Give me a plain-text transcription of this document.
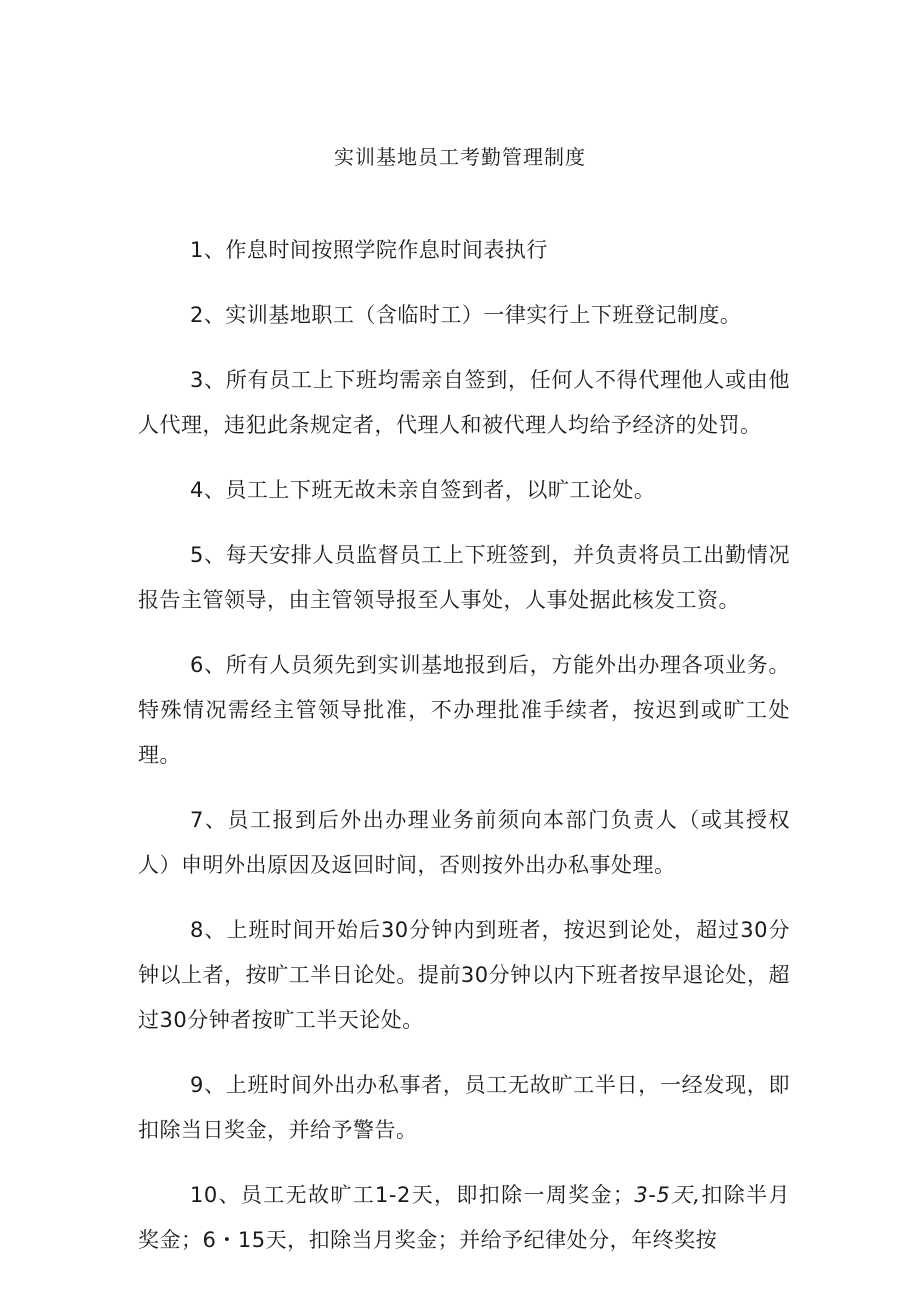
实训基地员工考勤管理制度

1、作息时间按照学院作息时间表执行

2、实训基地职工（含临时工）一律实行上下班登记制度。

3、所有员工上下班均需亲自签到，任何人不得代理他人或由他人代理，违犯此条规定者，代理人和被代理人均给予经济的处罚。

4、员工上下班无故未亲自签到者，以旷工论处。

5、每天安排人员监督员工上下班签到，并负责将员工出勤情况报告主管领导，由主管领导报至人事处，人事处据此核发工资。

6、所有人员须先到实训基地报到后，方能外出办理各项业务。特殊情况需经主管领导批准，不办理批准手续者，按迟到或旷工处理。

7、员工报到后外出办理业务前须向本部门负责人（或其授权人）申明外出原因及返回时间，否则按外出办私事处理。

8、上班时间开始后30分钟内到班者，按迟到论处，超过30分钟以上者，按旷工半日论处。提前30分钟以内下班者按早退论处，超过30分钟者按旷工半天论处。

9、上班时间外出办私事者，员工无故旷工半日，一经发现，即扣除当日奖金，并给予警告。

10、员工无故旷工1-2天，即扣除一周奖金；3-5天,扣除半月奖金；6・15天，扣除当月奖金；并给予纪律处分，年终奖按
